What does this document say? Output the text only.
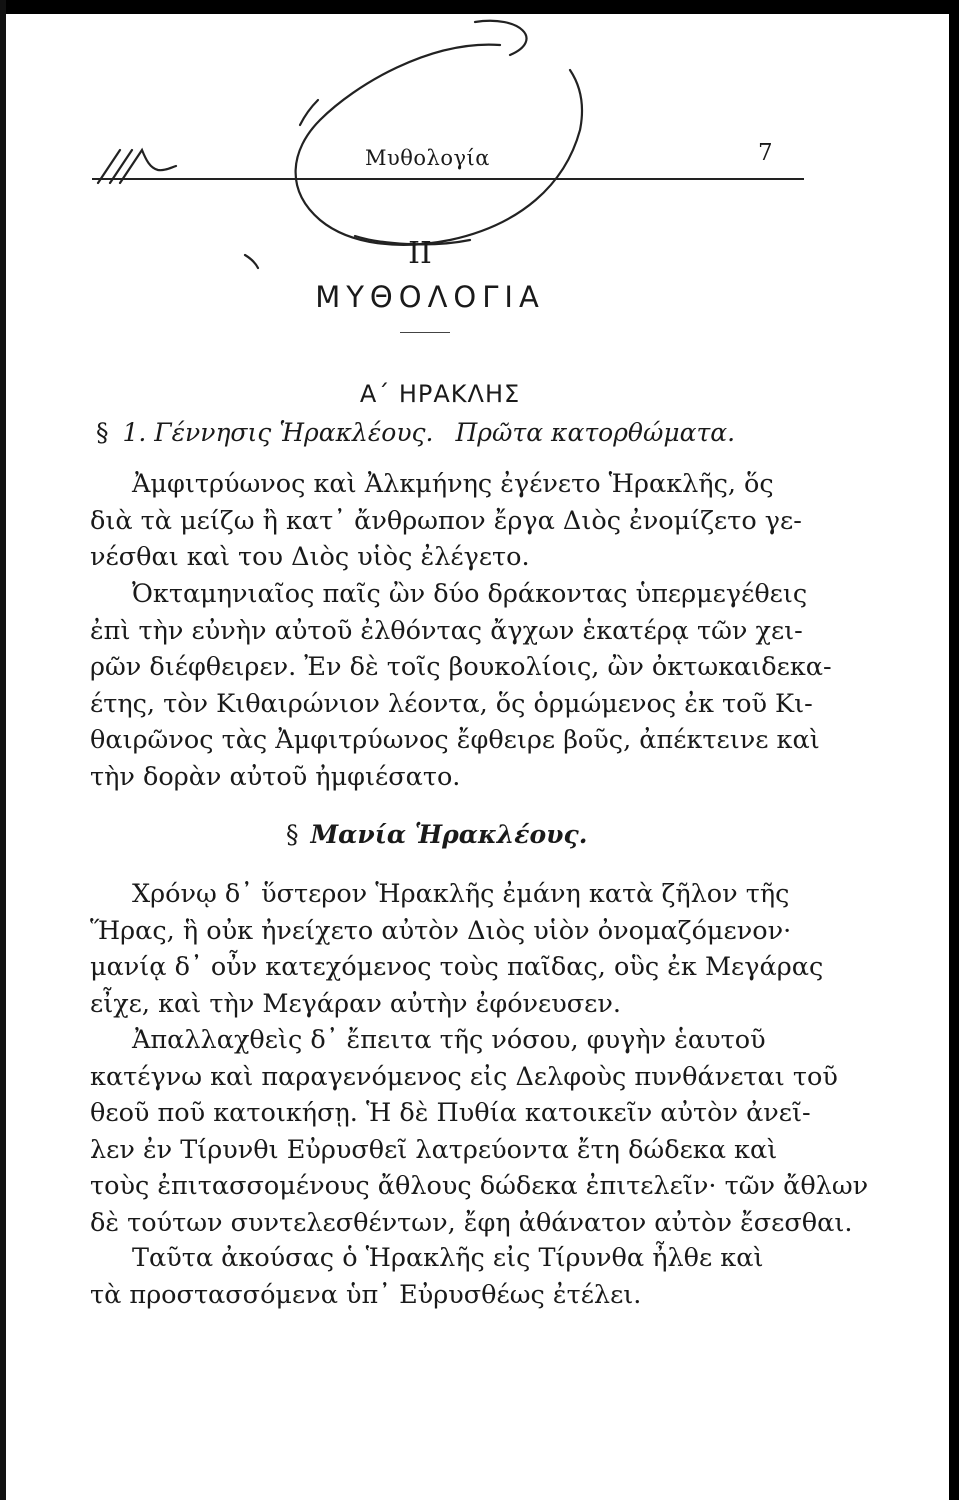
Μυθολογία	7
ΙΙ
ΜΥΘΟΛΟΓΙΑ
Α΄ ΗΡΑΚΛΗΣ
§ 1. Γέννησις Ἡρακλέους. Πρῶτα κατορθώματα.
Ἀμφιτρύωνος καὶ Ἀλκμήνης ἐγένετο Ἡρακλῆς, ὅς
διὰ τὰ μείζω ἢ κατ᾽ ἄνθρωπον ἔργα Διὸς ἐνομίζετο γε-
νέσθαι καὶ του Διὸς υἱὸς ἐλέγετο.
Ὀκταμηνιαῖος παῖς ὢν δύο δράκοντας ὑπερμεγέθεις
ἐπὶ τὴν εὐνὴν αὐτοῦ ἐλθόντας ἄγχων ἑκατέρᾳ τῶν χει-
ρῶν διέφθειρεν. Ἐν δὲ τοῖς βουκολίοις, ὢν ὀκτωκαιδεκα-
έτης, τὸν Κιθαιρώνιον λέοντα, ὅς ὁρμώμενος ἐκ τοῦ Κι-
θαιρῶνος τὰς Ἀμφιτρύωνος ἔφθειρε βοῦς, ἀπέκτεινε καὶ
τὴν δορὰν αὐτοῦ ἠμφιέσατο.
§ Μανία Ἡρακλέους.
Χρόνῳ δ᾽ ὕστερον Ἡρακλῆς ἐμάνη κατὰ ζῆλον τῆς
Ἥρας, ἣ οὐκ ἠνείχετο αὐτὸν Διὸς υἱὸν ὀνομαζόμενον·
μανίᾳ δ᾽ οὖν κατεχόμενος τοὺς παῖδας, οὓς ἐκ Μεγάρας
εἶχε, καὶ τὴν Μεγάραν αὐτὴν ἐφόνευσεν.
Ἀπαλλαχθεὶς δ᾽ ἔπειτα τῆς νόσου, φυγὴν ἑαυτοῦ
κατέγνω καὶ παραγενόμενος εἰς Δελφοὺς πυνθάνεται τοῦ
θεοῦ ποῦ κατοικήσῃ. Ἡ δὲ Πυθία κατοικεῖν αὐτὸν ἀνεῖ-
λεν ἐν Τίρυνθι Εὐρυσθεῖ λατρεύοντα ἔτη δώδεκα καὶ
τοὺς ἐπιτασσομένους ἄθλους δώδεκα ἐπιτελεῖν· τῶν ἄθλων
δὲ τούτων συντελεσθέντων, ἔφη ἀθάνατον αὐτὸν ἔσεσθαι.
Ταῦτα ἀκούσας ὁ Ἡρακλῆς εἰς Τίρυνθα ἦλθε καὶ
τὰ προστασσόμενα ὑπ᾽ Εὐρυσθέως ἐτέλει.
